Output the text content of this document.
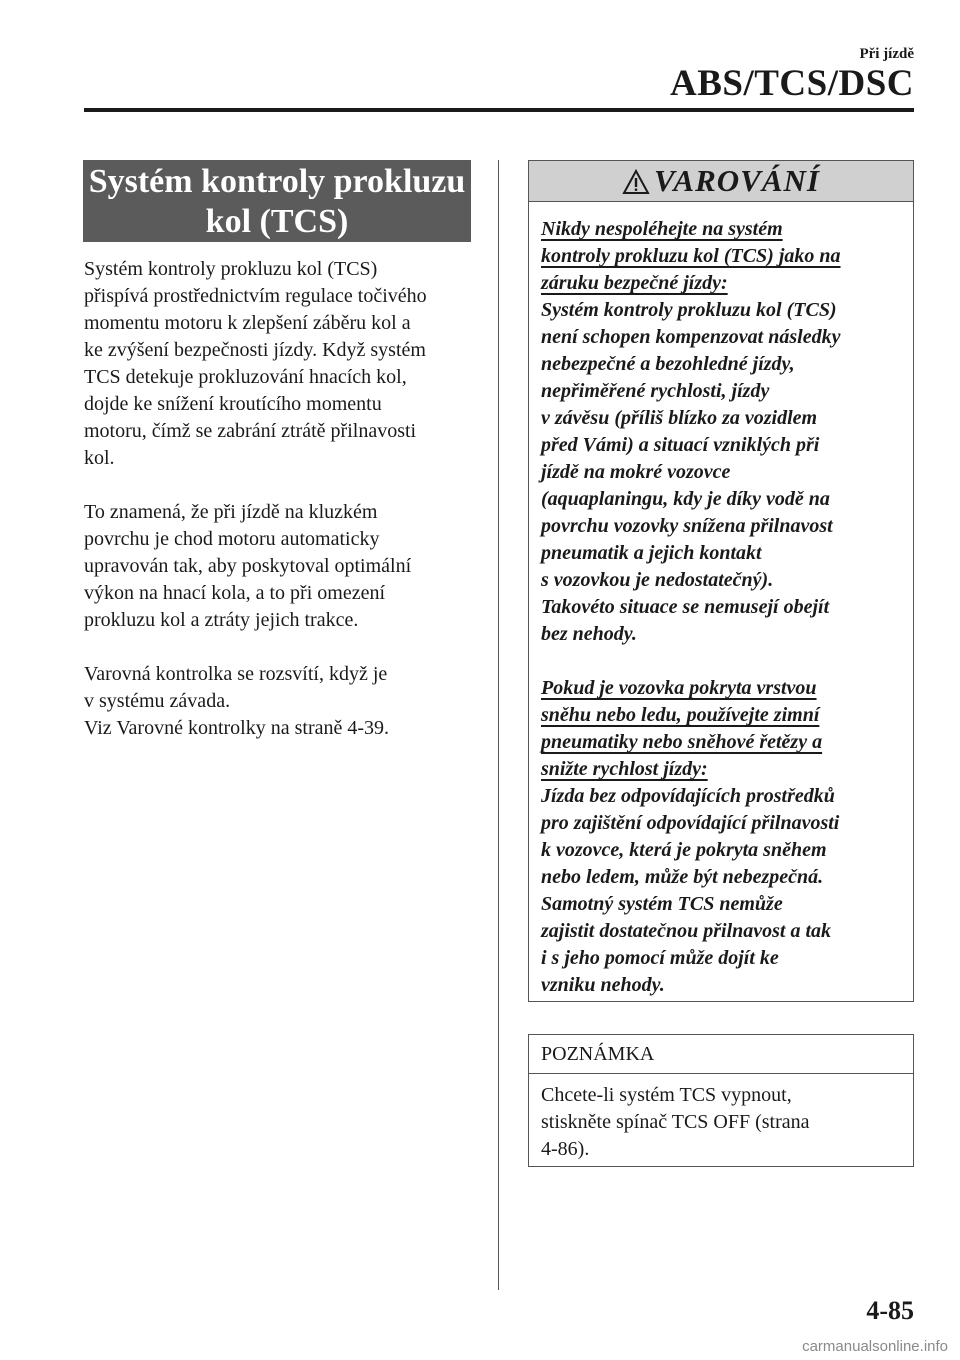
Při jízdě
ABS/TCS/DSC
Systém kontroly prokluzu
kol (TCS)

Systém kontroly prokluzu kol (TCS)
přispívá prostřednictvím regulace točivého
momentu motoru k zlepšení záběru kol a
ke zvýšení bezpečnosti jízdy. Když systém
TCS detekuje prokluzování hnacích kol,
dojde ke snížení kroutícího momentu
motoru, čímž se zabrání ztrátě přilnavosti
kol.

To znamená, že při jízdě na kluzkém
povrchu je chod motoru automaticky
upravován tak, aby poskytoval optimální
výkon na hnací kola, a to při omezení
prokluzu kol a ztráty jejich trakce.

Varovná kontrolka se rozsvítí, když je
v systému závada.
Viz Varovné kontrolky na straně 4-39.

VAROVÁNÍ

Nikdy nespoléhejte na systém
kontroly prokluzu kol (TCS) jako na
záruku bezpečné jízdy:
Systém kontroly prokluzu kol (TCS)
není schopen kompenzovat následky
nebezpečné a bezohledné jízdy,
nepřiměřené rychlosti, jízdy
v závěsu (příliš blízko za vozidlem
před Vámi) a situací vzniklých při
jízdě na mokré vozovce
(aquaplaningu, kdy je díky vodě na
povrchu vozovky snížena přilnavost
pneumatik a jejich kontakt
s vozovkou je nedostatečný).
Takovéto situace se nemusejí obejít
bez nehody.

Pokud je vozovka pokryta vrstvou
sněhu nebo ledu, používejte zimní
pneumatiky nebo sněhové řetězy a
snižte rychlost jízdy:
Jízda bez odpovídajících prostředků
pro zajištění odpovídající přilnavosti
k vozovce, která je pokryta sněhem
nebo ledem, může být nebezpečná.
Samotný systém TCS nemůže
zajistit dostatečnou přilnavost a tak
i s jeho pomocí může dojít ke
vzniku nehody.

POZNÁMKA
Chcete-li systém TCS vypnout,
stiskněte spínač TCS OFF (strana
4-86).
4-85
carmanualsonline.info
